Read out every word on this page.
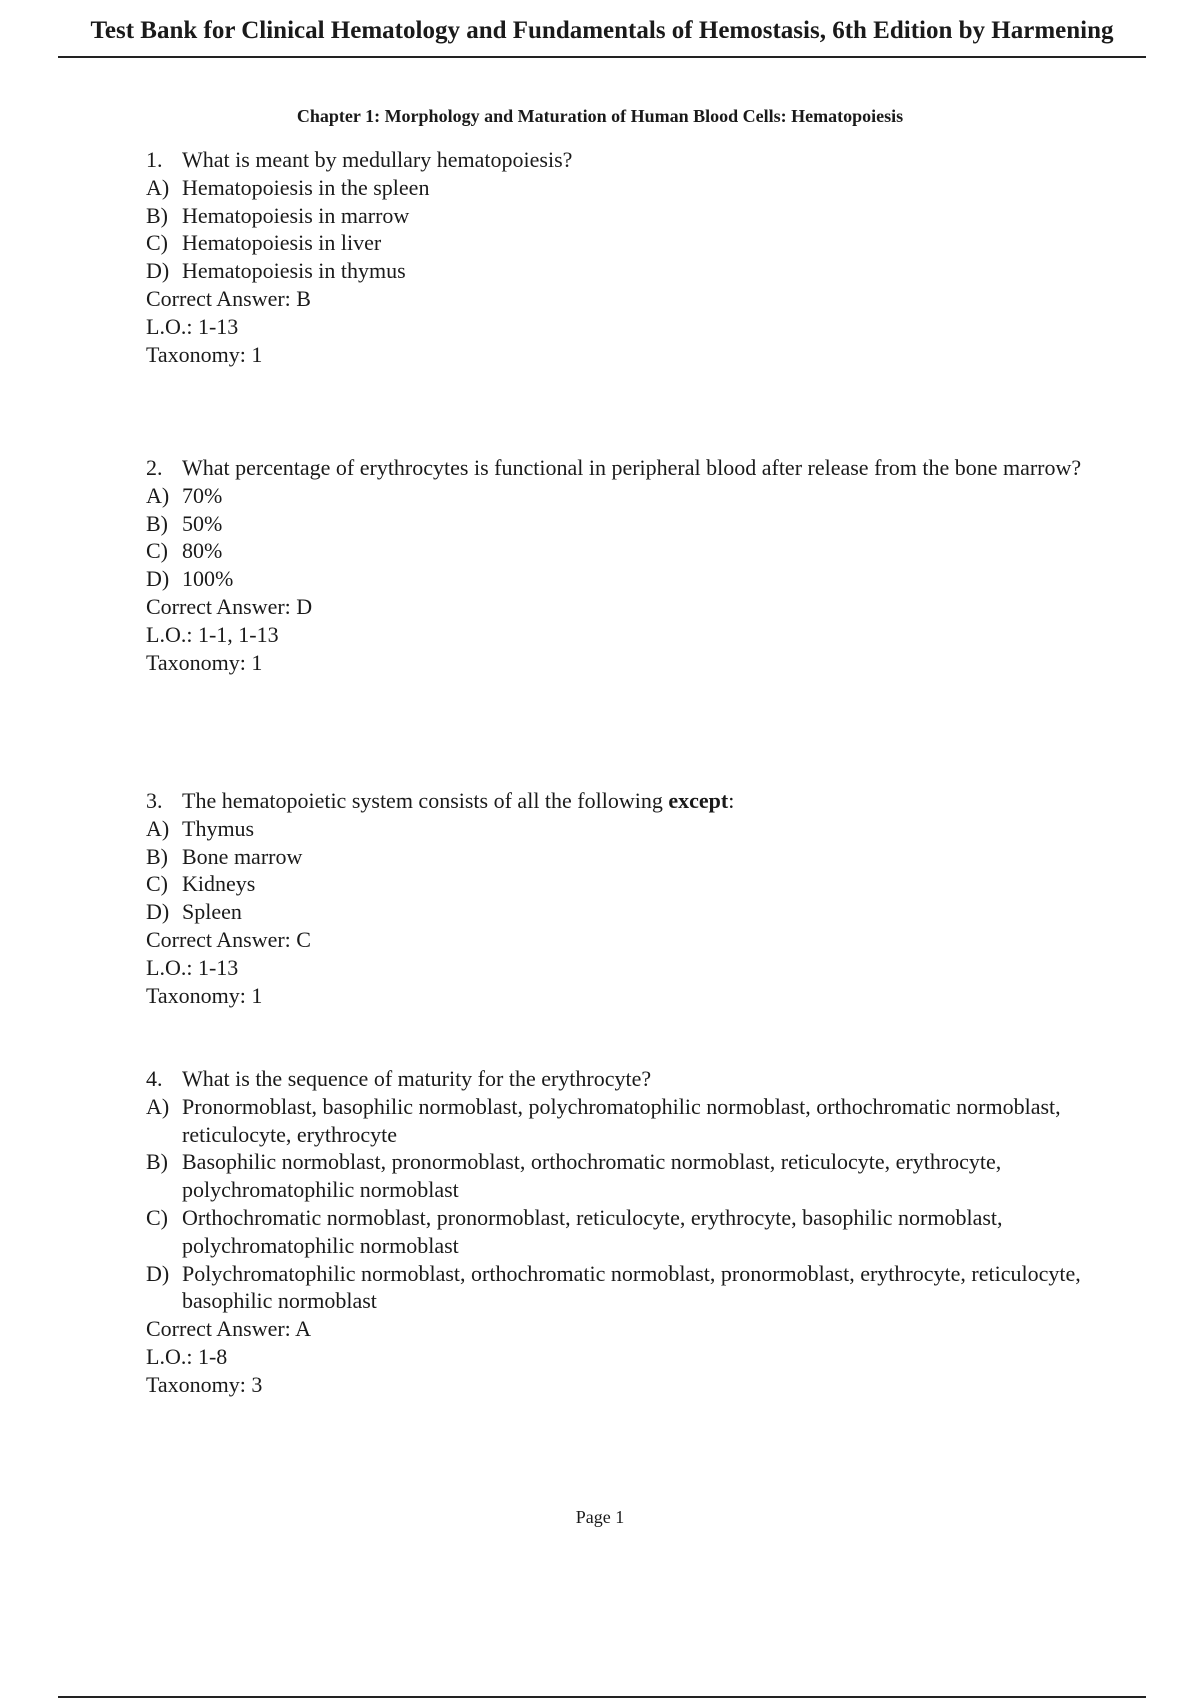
Test Bank for Clinical Hematology and Fundamentals of Hemostasis, 6th Edition by Harmening
Chapter 1: Morphology and Maturation of Human Blood Cells: Hematopoiesis
1. What is meant by medullary hematopoiesis?
A) Hematopoiesis in the spleen
B) Hematopoiesis in marrow
C) Hematopoiesis in liver
D) Hematopoiesis in thymus
Correct Answer: B
L.O.: 1-13
Taxonomy: 1
2. What percentage of erythrocytes is functional in peripheral blood after release from the bone marrow?
A) 70%
B) 50%
C) 80%
D) 100%
Correct Answer: D
L.O.: 1-1, 1-13
Taxonomy: 1
3. The hematopoietic system consists of all the following except:
A) Thymus
B) Bone marrow
C) Kidneys
D) Spleen
Correct Answer: C
L.O.: 1-13
Taxonomy: 1
4. What is the sequence of maturity for the erythrocyte?
A) Pronormoblast, basophilic normoblast, polychromatophilic normoblast, orthochromatic normoblast, reticulocyte, erythrocyte
B) Basophilic normoblast, pronormoblast, orthochromatic normoblast, reticulocyte, erythrocyte, polychromatophilic normoblast
C) Orthochromatic normoblast, pronormoblast, reticulocyte, erythrocyte, basophilic normoblast, polychromatophilic normoblast
D) Polychromatophilic normoblast, orthochromatic normoblast, pronormoblast, erythrocyte, reticulocyte, basophilic normoblast
Correct Answer: A
L.O.: 1-8
Taxonomy: 3
Page 1
